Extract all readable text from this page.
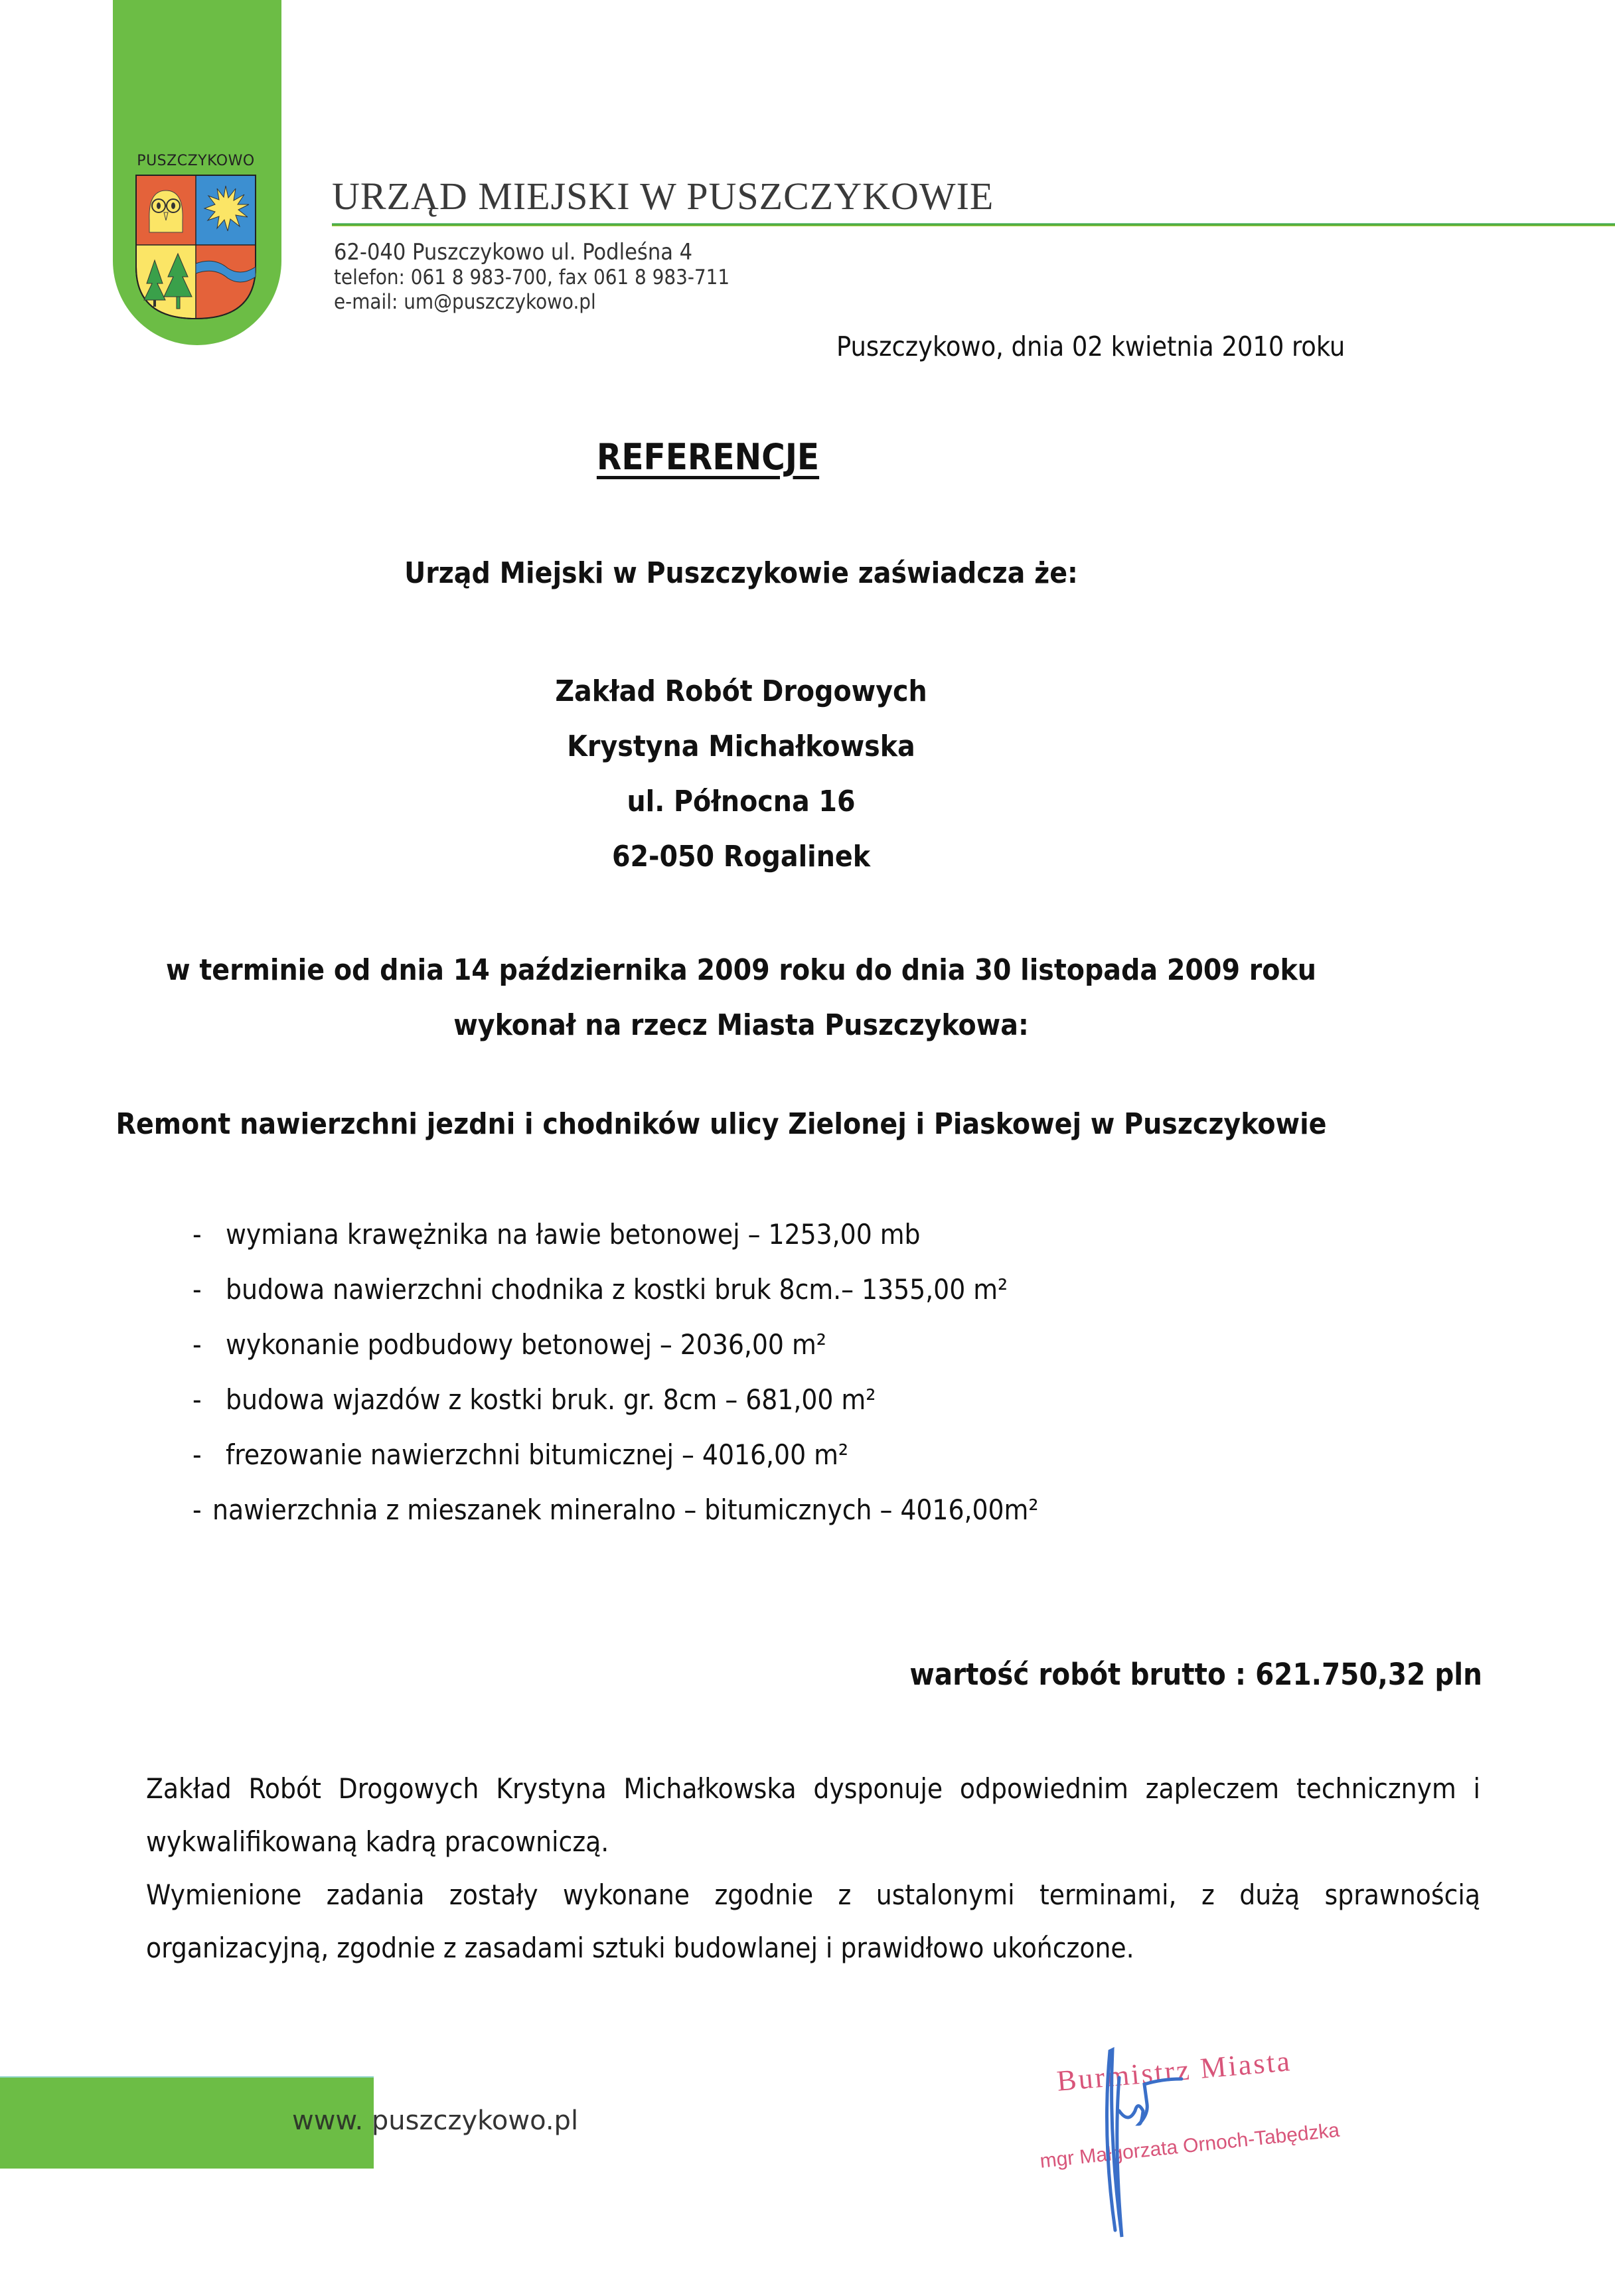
PUSZCZYKOWO
URZĄD MIEJSKI W PUSZCZYKOWIE
62-040 Puszczykowo ul. Podleśna 4
telefon: 061 8 983-700, fax 061 8 983-711
e-mail: um@puszczykowo.pl
Puszczykowo, dnia 02 kwietnia 2010 roku
REFERENCJE
Urząd Miejski w Puszczykowie zaświadcza że:
Zakład Robót Drogowych
Krystyna Michałkowska
ul. Północna 16
62-050 Rogalinek
w terminie od dnia 14 października 2009 roku do dnia 30 listopada 2009 roku
wykonał na rzecz Miasta Puszczykowa:
Remont nawierzchni jezdni i chodników ulicy Zielonej i Piaskowej w Puszczykowie
- wymiana krawężnika na ławie betonowej – 1253,00 mb
- budowa nawierzchni chodnika z kostki bruk 8cm.– 1355,00 m²
- wykonanie podbudowy betonowej – 2036,00 m²
- budowa wjazdów z kostki bruk. gr. 8cm – 681,00 m²
- frezowanie nawierzchni bitumicznej – 4016,00 m²
- nawierzchnia z mieszanek mineralno – bitumicznych – 4016,00m²
wartość robót brutto : 621.750,32 pln
Zakład Robót Drogowych Krystyna Michałkowska dysponuje odpowiednim zapleczem technicznym i wykwalifikowaną kadrą pracowniczą.
Wymienione zadania zostały wykonane zgodnie z ustalonymi terminami, z dużą sprawnością organizacyjną, zgodnie z zasadami sztuki budowlanej i prawidłowo ukończone.
www. puszczykowo.pl
Burmistrz Miasta
mgr Małgorzata Ornoch-Tabędzka
